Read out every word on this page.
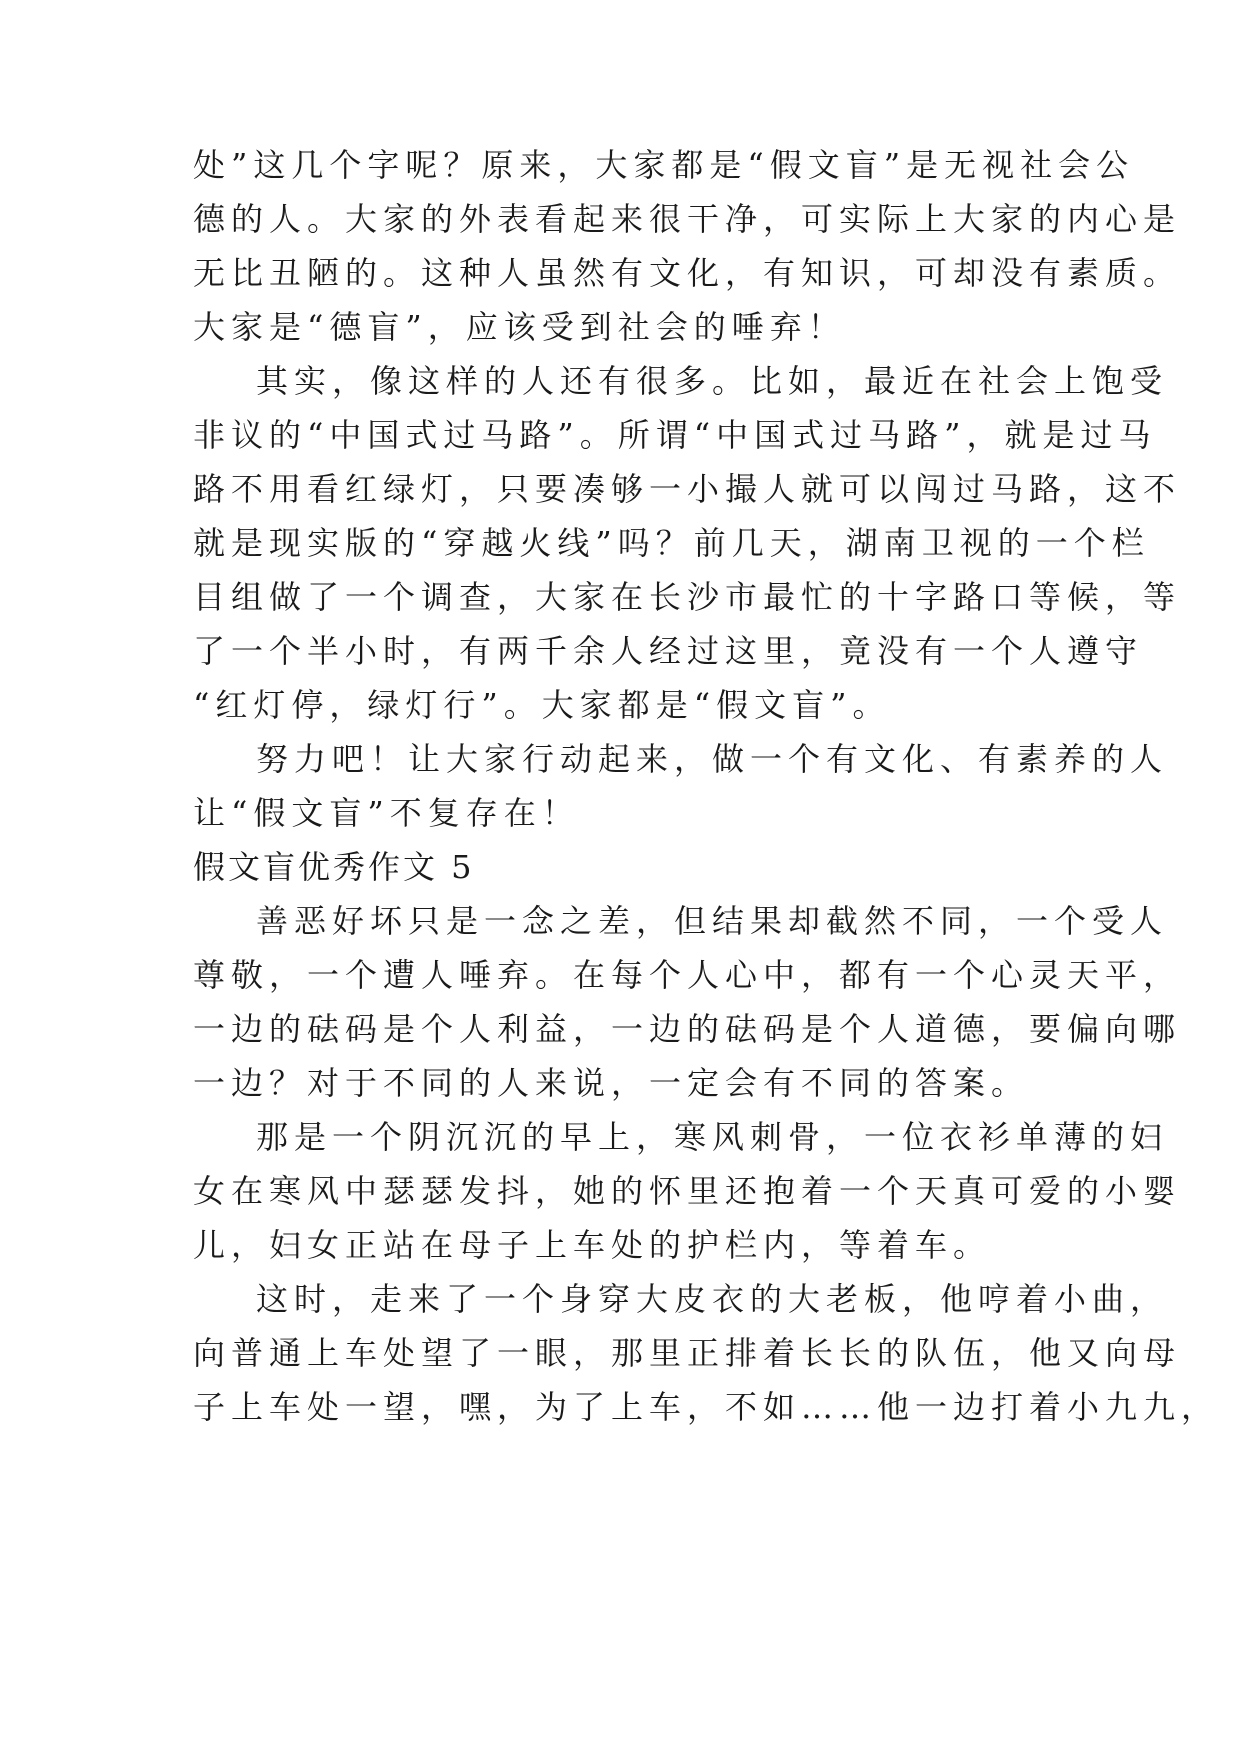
处”这几个字呢？原来，大家都是“假文盲”是无视社会公
德的人。大家的外表看起来很干净，可实际上大家的内心是
无比丑陋的。这种人虽然有文化，有知识，可却没有素质。
大家是“德盲”，应该受到社会的唾弃！
其实，像这样的人还有很多。比如，最近在社会上饱受
非议的“中国式过马路”。所谓“中国式过马路”，就是过马
路不用看红绿灯，只要凑够一小撮人就可以闯过马路，这不
就是现实版的“穿越火线”吗？前几天，湖南卫视的一个栏
目组做了一个调查，大家在长沙市最忙的十字路口等候，等
了一个半小时，有两千余人经过这里，竟没有一个人遵守
“红灯停，绿灯行”。大家都是“假文盲”。
努力吧！让大家行动起来，做一个有文化、有素养的人
让“假文盲”不复存在！
假文盲优秀作文 5
善恶好坏只是一念之差，但结果却截然不同，一个受人
尊敬，一个遭人唾弃。在每个人心中，都有一个心灵天平，
一边的砝码是个人利益，一边的砝码是个人道德，要偏向哪
一边？对于不同的人来说，一定会有不同的答案。
那是一个阴沉沉的早上，寒风刺骨，一位衣衫单薄的妇
女在寒风中瑟瑟发抖，她的怀里还抱着一个天真可爱的小婴
儿，妇女正站在母子上车处的护栏内，等着车。
这时，走来了一个身穿大皮衣的大老板，他哼着小曲，
向普通上车处望了一眼，那里正排着长长的队伍，他又向母
子上车处一望，嘿，为了上车，不如……他一边打着小九九，
